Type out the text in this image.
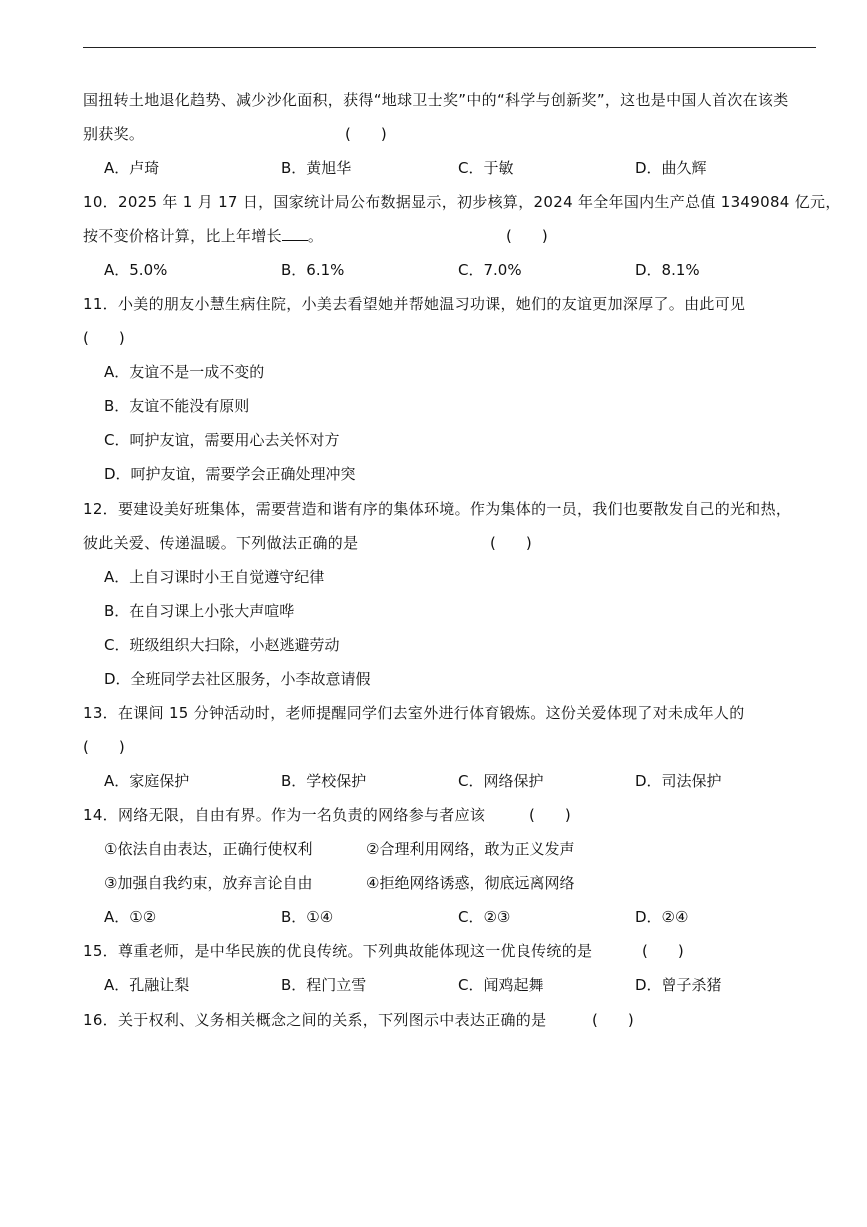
国扭转土地退化趋势、减少沙化面积，获得“地球卫士奖”中的“科学与创新奖”，这也是中国人首次在该类
别获奖。	(　　)
A．卢琦	B．黄旭华	C．于敏	D．曲久辉
10．2025 年 1 月 17 日，国家统计局公布数据显示，初步核算，2024 年全年国内生产总值 1349084 亿元，
按不变价格计算，比上年增长 。	(　　)
A．5.0%	B．6.1%	C．7.0%	D．8.1%
11．小美的朋友小慧生病住院，小美去看望她并帮她温习功课，她们的友谊更加深厚了。由此可见
(　　)
A．友谊不是一成不变的
B．友谊不能没有原则
C．呵护友谊，需要用心去关怀对方
D．呵护友谊，需要学会正确处理冲突
12．要建设美好班集体，需要营造和谐有序的集体环境。作为集体的一员，我们也要散发自己的光和热，
彼此关爱、传递温暖。下列做法正确的是	(　　)
A．上自习课时小王自觉遵守纪律
B．在自习课上小张大声喧哗
C．班级组织大扫除，小赵逃避劳动
D．全班同学去社区服务，小李故意请假
13．在课间 15 分钟活动时，老师提醒同学们去室外进行体育锻炼。这份关爱体现了对未成年人的
(　　)
A．家庭保护	B．学校保护	C．网络保护	D．司法保护
14．网络无限，自由有界。作为一名负责的网络参与者应该	(　　)
①依法自由表达，正确行使权利	②合理利用网络，敢为正义发声
③加强自我约束，放弃言论自由	④拒绝网络诱惑，彻底远离网络
A．①②	B．①④	C．②③	D．②④
15．尊重老师，是中华民族的优良传统。下列典故能体现这一优良传统的是	(　　)
A．孔融让梨	B．程门立雪	C．闻鸡起舞	D．曾子杀猪
16．关于权利、义务相关概念之间的关系，下列图示中表达正确的是	(　　)
